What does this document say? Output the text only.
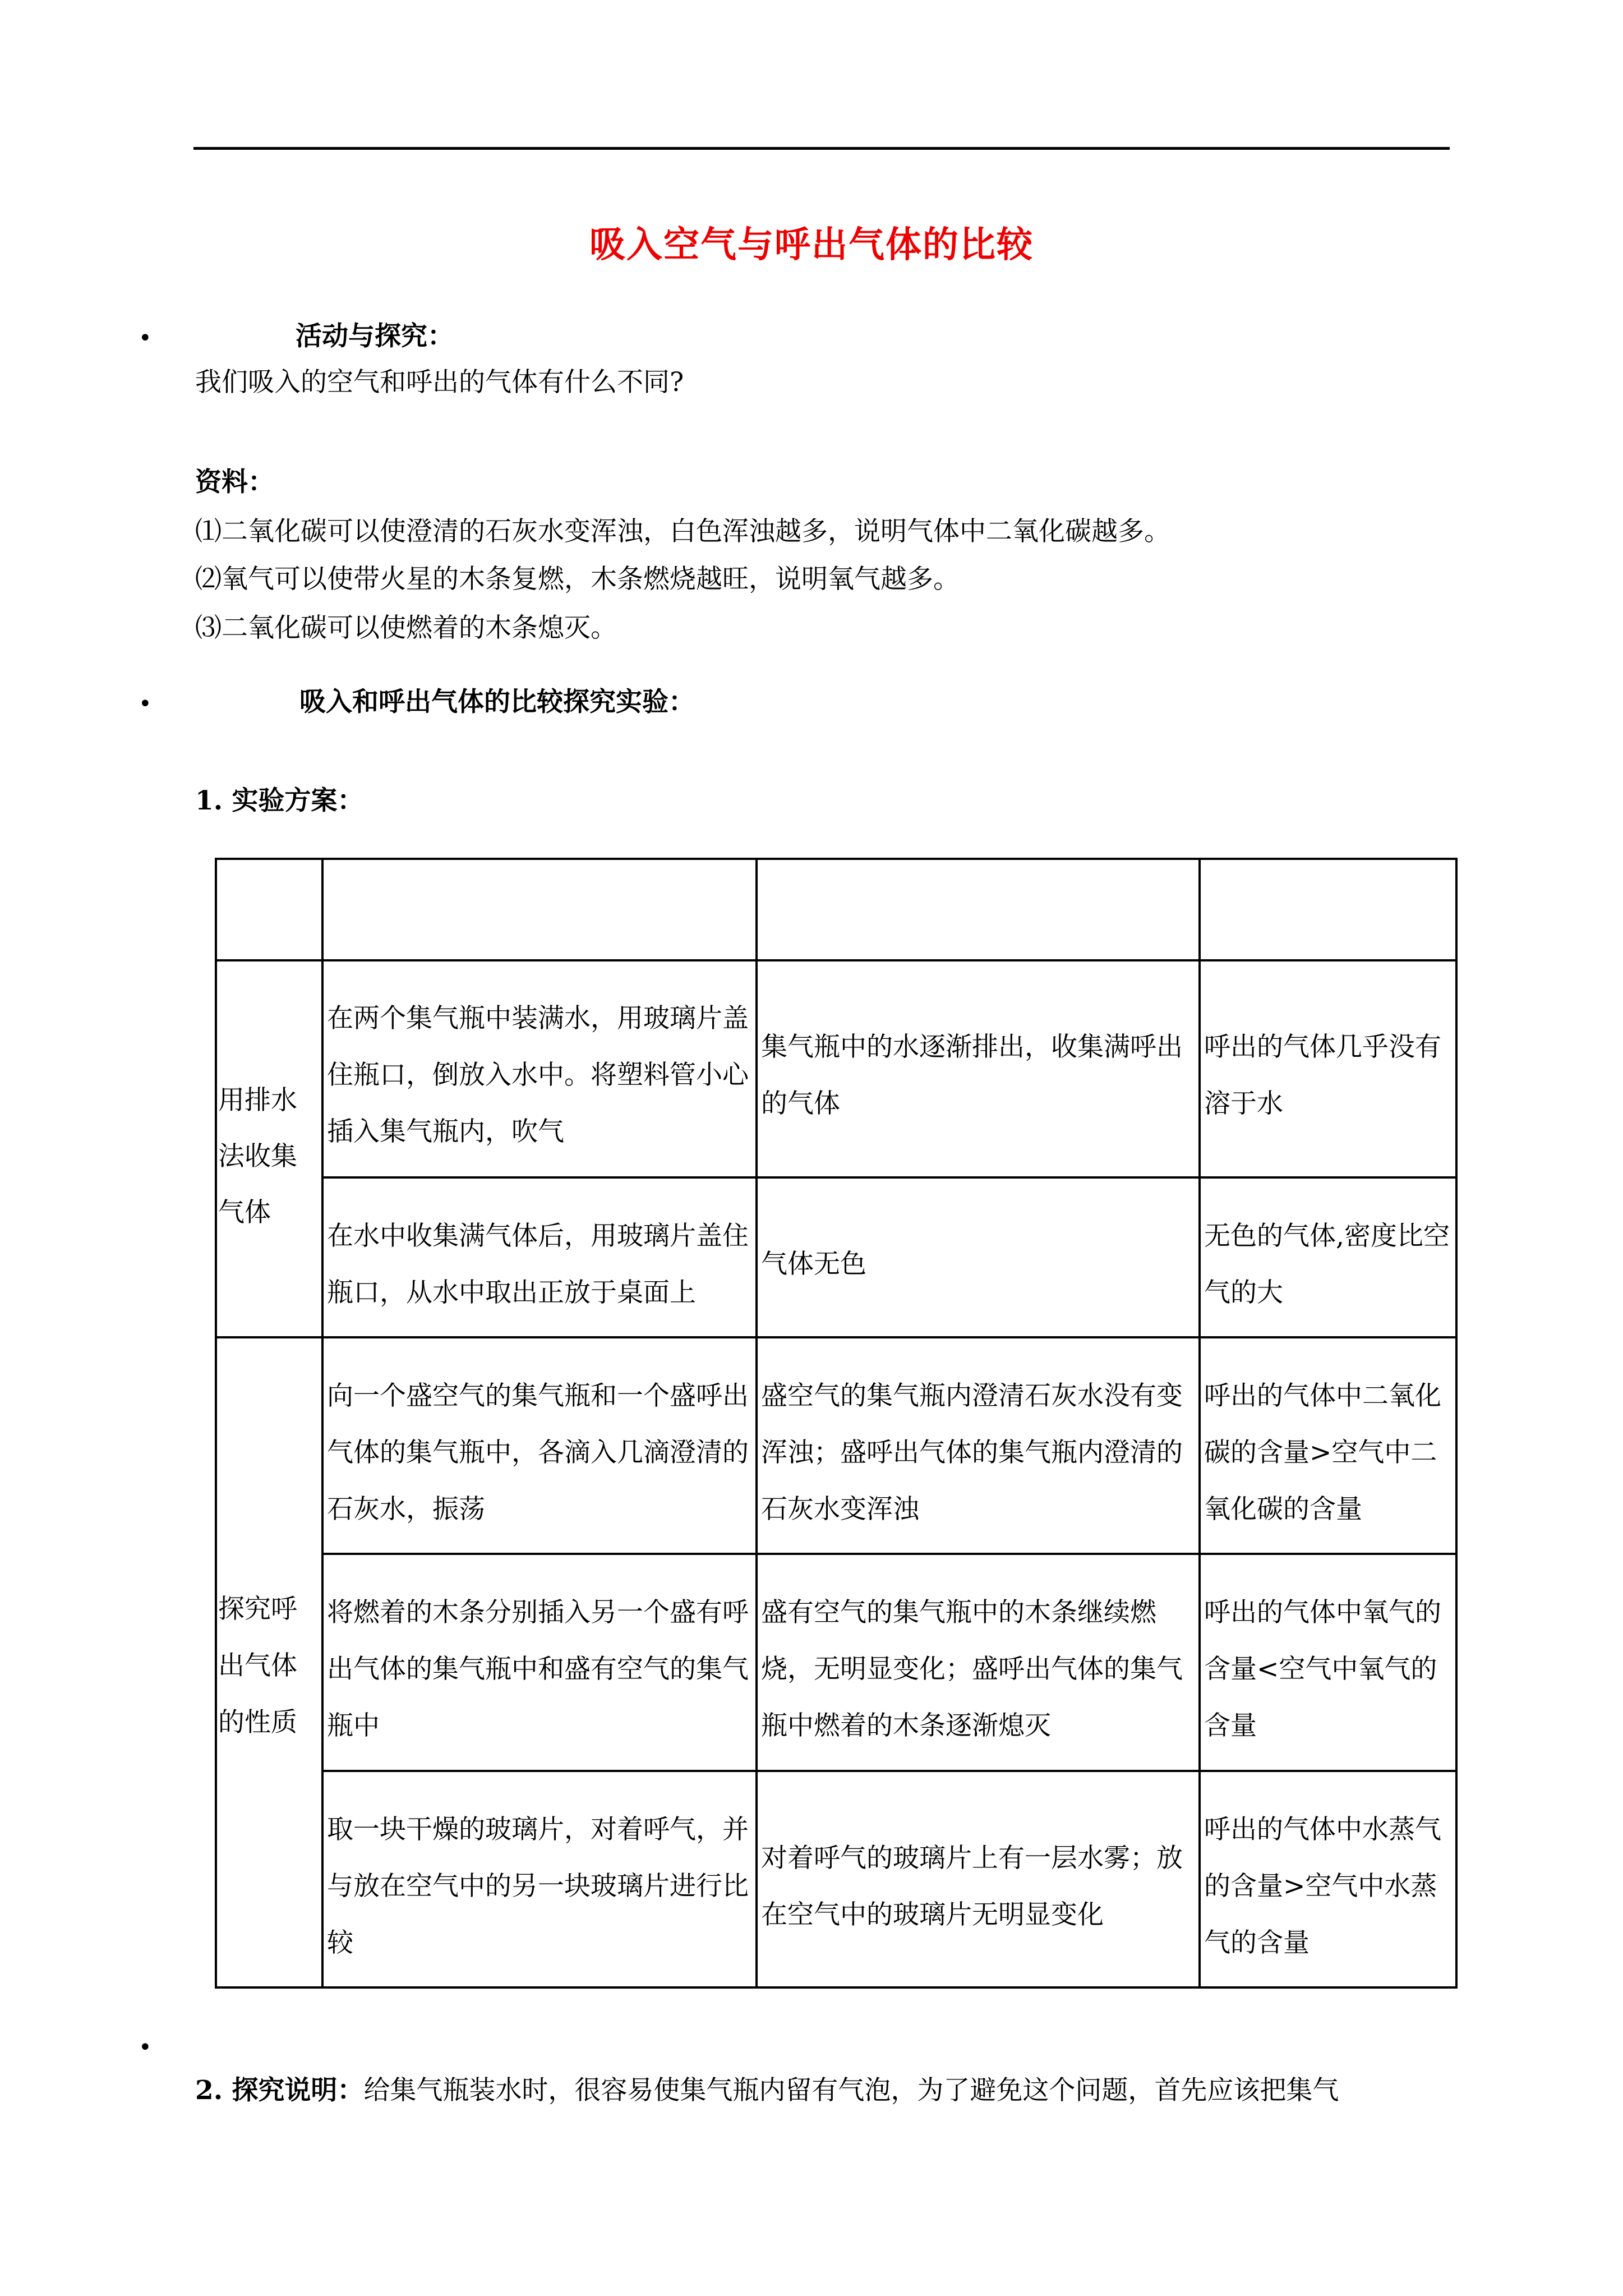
吸入空气与呼出气体的比较
•	活动与探究：
我们吸入的空气和呼出的气体有什么不同?
资料：
⑴二氧化碳可以使澄清的石灰水变浑浊，白色浑浊越多，说明气体中二氧化碳越多。
⑵氧气可以使带火星的木条复燃，木条燃烧越旺，说明氧气越多。
⑶二氧化碳可以使燃着的木条熄灭。
•	吸入和呼出气体的比较探究实验：
1. 实验方案：
用排水法收集气体
探究呼出气体的性质
在两个集气瓶中装满水，用玻璃片盖住瓶口，倒放入水中。将塑料管小心插入集气瓶内，吹气
集气瓶中的水逐渐排出，收集满呼出的气体
呼出的气体几乎没有溶于水
在水中收集满气体后，用玻璃片盖住瓶口，从水中取出正放于桌面上
气体无色
无色的气体,密度比空气的大
向一个盛空气的集气瓶和一个盛呼出气体的集气瓶中，各滴入几滴澄清的石灰水，振荡
盛空气的集气瓶内澄清石灰水没有变浑浊；盛呼出气体的集气瓶内澄清的石灰水变浑浊
呼出的气体中二氧化碳的含量>空气中二氧化碳的含量
将燃着的木条分别插入另一个盛有呼出气体的集气瓶中和盛有空气的集气瓶中
盛有空气的集气瓶中的木条继续燃烧，无明显变化；盛呼出气体的集气瓶中燃着的木条逐渐熄灭
呼出的气体中氧气的含量<空气中氧气的含量
取一块干燥的玻璃片，对着呼气，并与放在空气中的另一块玻璃片进行比较
对着呼气的玻璃片上有一层水雾；放在空气中的玻璃片无明显变化
呼出的气体中水蒸气的含量>空气中水蒸气的含量
•
2. 探究说明：给集气瓶装水时，很容易使集气瓶内留有气泡，为了避免这个问题，首先应该把集气
